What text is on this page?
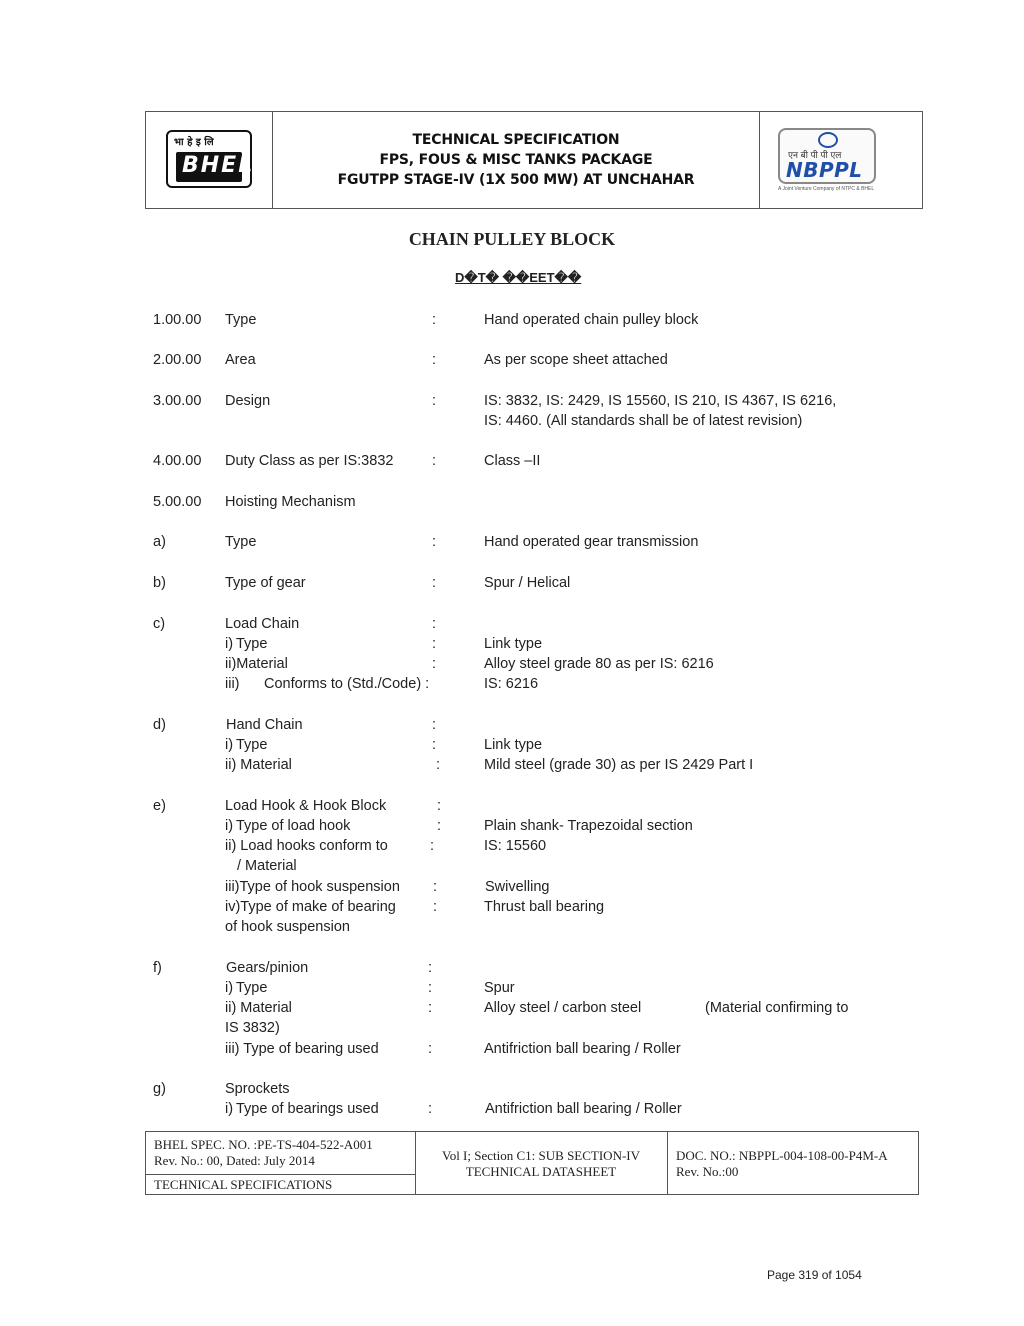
भा हे इ लि
BHEL
TECHNICAL SPECIFICATION
FPS, FOUS & MISC TANKS PACKAGE
FGUTPP STAGE-IV (1X 500 MW) AT UNCHAHAR
एन बी पी पी एल
NBPPL
A Joint Venture Company of NTPC & BHEL
CHAIN PULLEY BLOCK
D�T� ��EET��
1.00.00 Type	:	Hand operated chain pulley block
2.00.00 Area	:	As per scope sheet attached
3.00.00 Design	:	IS: 3832, IS: 2429, IS 15560, IS 210, IS 4367, IS 6216,
IS: 4460. (All standards shall be of latest revision)
4.00.00 Duty Class as per IS:3832	:	Class –II
5.00.00 Hoisting Mechanism
a)	Type	:	Hand operated gear transmission
b)	Type of gear	:	Spur / Helical
c)	Load Chain	:
i) Type	:	Link type
ii)Material	:	Alloy steel grade 80 as per IS: 6216
iii) Conforms to (Std./Code) :	IS: 6216
d)	Hand Chain	:
i) Type	:	Link type
ii) Material	:	Mild steel (grade 30) as per IS 2429 Part I
e)	Load Hook & Hook Block	:
i) Type of load hook	:	Plain shank- Trapezoidal section
ii) Load hooks conform to	:	IS: 15560
/ Material
iii)Type of hook suspension :	Swivelling
iv)Type of make of bearing	:	Thrust ball bearing
of hook suspension
f)	Gears/pinion	:
i) Type	:	Spur
ii) Material	:	Alloy steel / carbon steel	(Material confirming to
IS 3832)
iii) Type of bearing used	:	Antifriction ball bearing / Roller
g)	Sprockets
i) Type of bearings used	:	Antifriction ball bearing / Roller
BHEL SPEC. NO. :PE-TS-404-522-A001
Rev. No.: 00, Dated: July 2014
TECHNICAL SPECIFICATIONS
Vol I; Section C1: SUB SECTION-IV
TECHNICAL DATASHEET
DOC. NO.: NBPPL-004-108-00-P4M-A
Rev. No.:00
Page 319 of 1054
